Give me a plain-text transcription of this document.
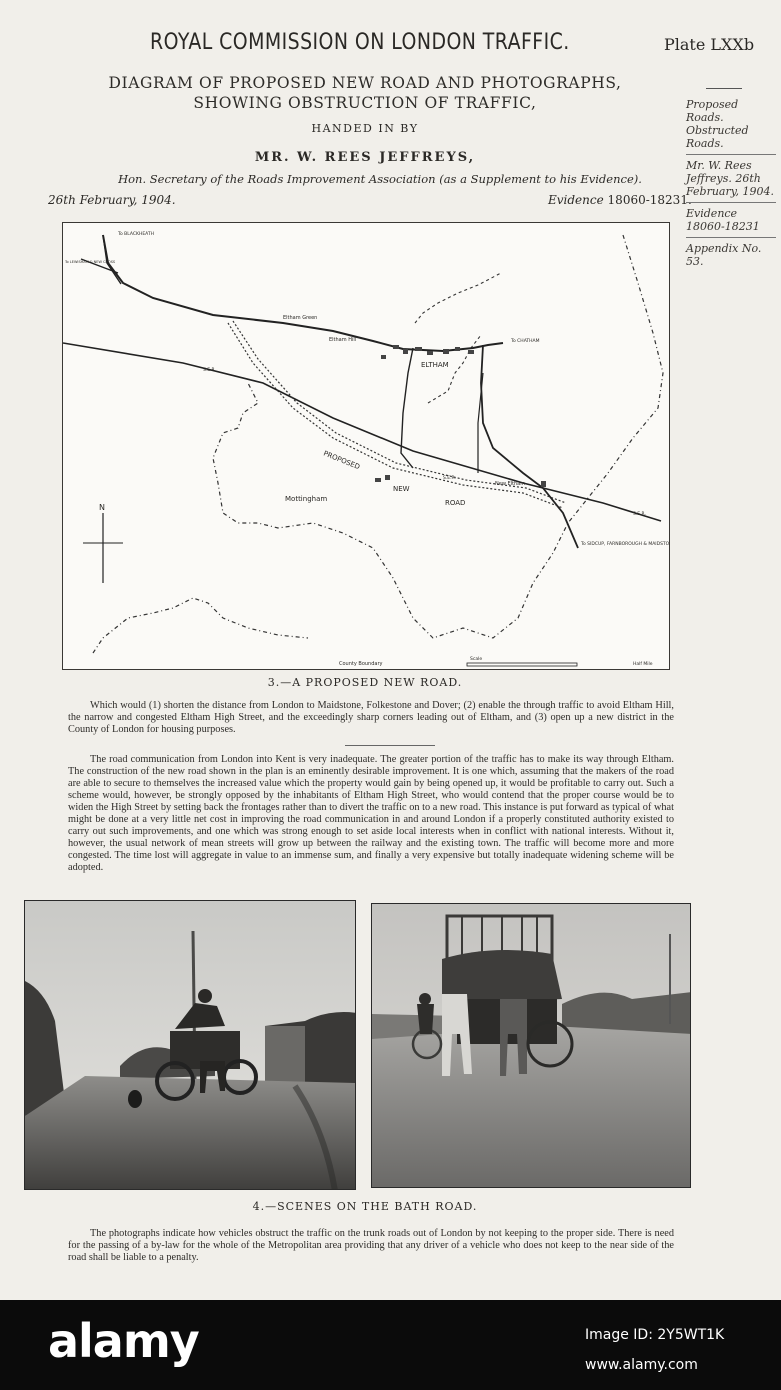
ROYAL COMMISSION ON LONDON TRAFFIC.	Plate LXXb
DIAGRAM OF PROPOSED NEW ROAD AND PHOTOGRAPHS,
SHOWING OBSTRUCTION OF TRAFFIC,
HANDED IN BY
MR. W. REES JEFFREYS,
Hon. Secretary of the Roads Improvement Association (as a Supplement to his Evidence).
26th February, 1904.	Evidence 18060-18231.
Proposed Roads. Obstructed Roads.
Mr. W. Rees Jeffreys. 26th February, 1904.
Evidence 18060-18231
Appendix No. 53.
N
Scale
Half Mile
County Boundary
To BLACKHEATH
To LEWISHAM & NEW CROSS
Eltham Green
Eltham Hill	To CHATHAM
ELTHAM
PROPOSED
NEW
ROAD
New Eltham
Mottingham
To SIDCUP, FARNBOROUGH & MAIDSTONE
S.E.R.
S.E.R.
S.E.R.
3.—A PROPOSED NEW ROAD.
Which would (1) shorten the distance from London to Maidstone, Folkestone and Dover; (2) enable the through traffic to avoid Eltham Hill, the narrow and congested Eltham High Street, and the exceedingly sharp corners leading out of Eltham, and (3) open up a new district in the County of London for housing purposes.
The road communication from London into Kent is very inadequate. The greater portion of the traffic has to make its way through Eltham. The construction of the new road shown in the plan is an eminently desirable improvement. It is one which, assuming that the makers of the road are able to secure to themselves the increased value which the property would gain by being opened up, it would be profitable to carry out. Such a scheme would, however, be strongly opposed by the inhabitants of Eltham High Street, who would contend that the proper course would be to widen the High Street by setting back the frontages rather than to divert the traffic on to a new road. This instance is put forward as typical of what might be done at a very little net cost in improving the road communication in and around London if a properly constituted authority existed to carry out such improvements, and one which was strong enough to set aside local interests when in conflict with national interests. Without it, however, the usual network of mean streets will grow up between the railway and the existing town. The traffic will become more and more congested. The time lost will aggregate in value to an immense sum, and finally a very expensive but totally inadequate widening scheme will be adopted.
4.—SCENES ON THE BATH ROAD.
The photographs indicate how vehicles obstruct the traffic on the trunk roads out of London by not keeping to the proper side. There is need for the passing of a by-law for the whole of the Metropolitan area providing that any driver of a vehicle who does not keep to the near side of the road shall be liable to a penalty.
alamy	Image ID: 2Y5WT1K
www.alamy.com
